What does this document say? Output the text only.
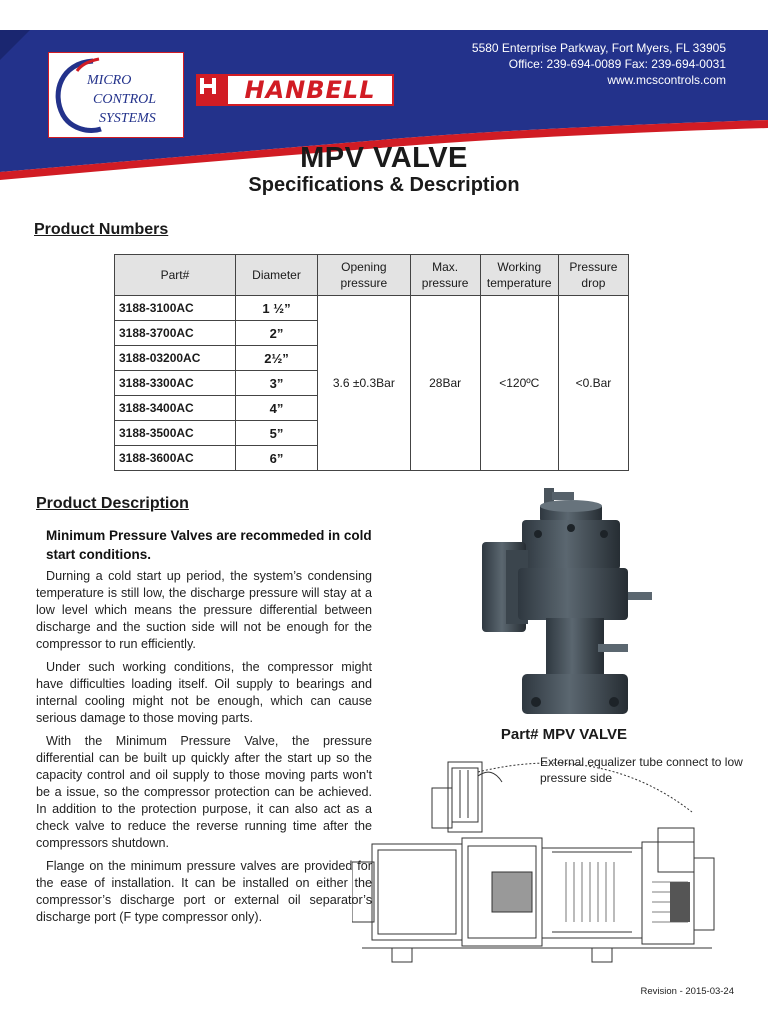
5580 Enterprise Parkway, Fort Myers, FL 33905
Office: 239-694-0089 Fax: 239-694-0031
www.mcscontrols.com
MICRO
CONTROL
SYSTEMS
HANBELL
MPV VALVE
Specifications & Description
Product Numbers
Part#	Diameter	Opening pressure	Max. pressure	Working temperature	Pressure drop
3188-3100AC	1 ½”	3.6 ±0.3Bar	28Bar	<120ºC	<0.Bar
3188-3700AC	2”				
3188-03200AC	2½”				
3188-3300AC	3”				
3188-3400AC	4”				
3188-3500AC	5”				
3188-3600AC	6”				
Product Description
Minimum Pressure Valves are recommeded in cold start conditions.

Durning a cold start up period, the system’s condensing temperature is still low, the discharge pressure will stay at a low level which means the pressure differential between discharge and the suction side will not be enough for the compressor to run efficiently.

Under such working conditions, the compressor might have difficulties loading itself. Oil supply to bearings and internal cooling might not be enough, which can cause serious damage to those moving parts.

With the Minimum Pressure Valve, the pressure differential can be built up quickly after the start up so the capacity control and oil supply to those moving parts won't be a issue, so the compressor protection can be achieved. In addition to the protection purpose, it can also act as a check valve to reduce the reverse running time after the compressors shutdown.

Flange on the minimum pressure valves are provided for the ease of installation. It can be installed on either the compressor’s discharge port or external oil separator’s discharge port (F type compressor only).

Part# MPV VALVE
External equalizer tube connect to low pressure side
Revision - 2015-03-24
